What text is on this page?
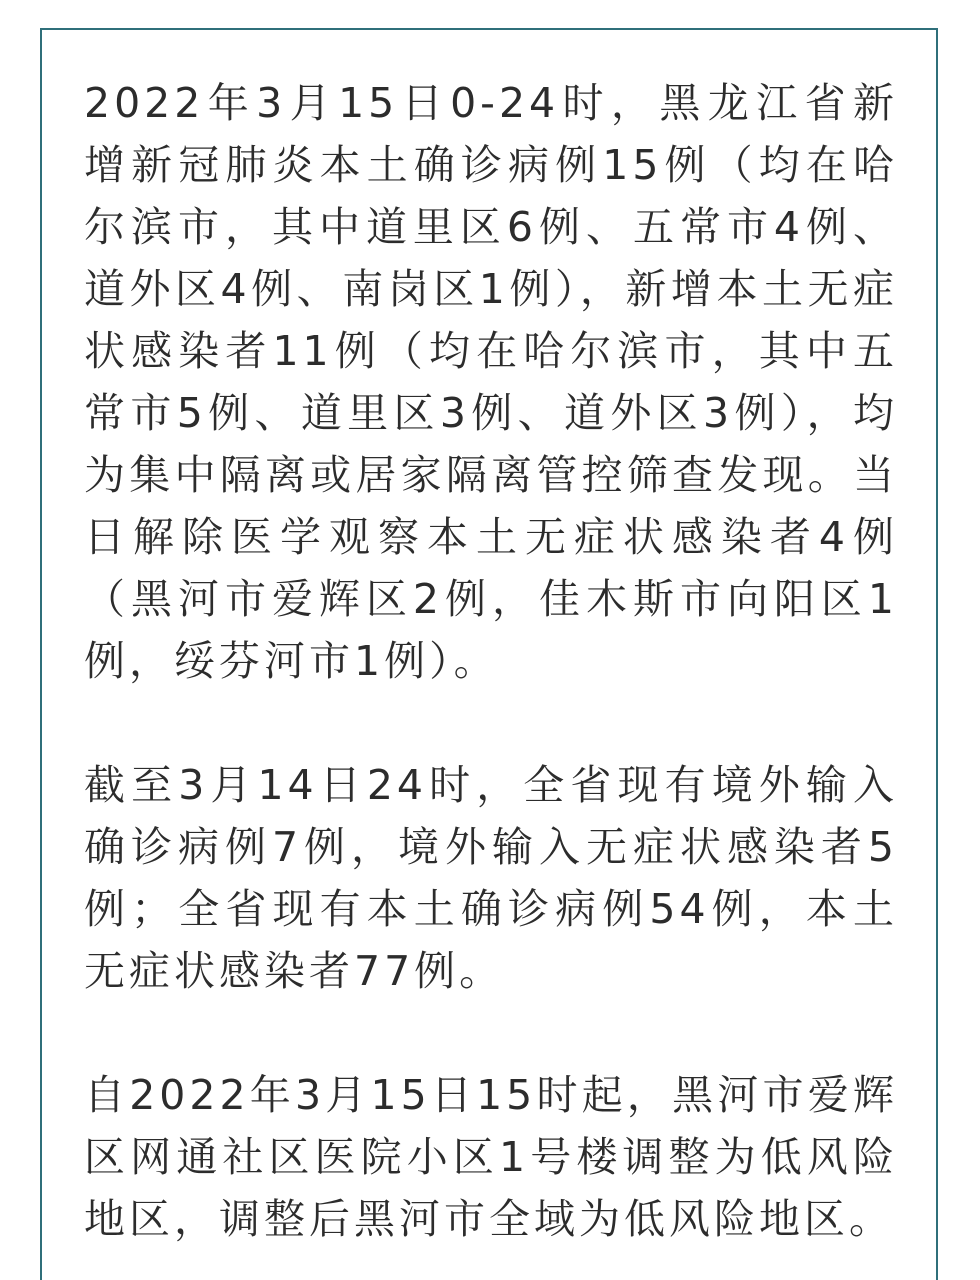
2022年3月15日0-24时，黑龙江省新增新冠肺炎本土确诊病例15例（均在哈尔滨市，其中道里区6例、五常市4例、道外区4例、南岗区1例），新增本土无症状感染者11例（均在哈尔滨市，其中五常市5例、道里区3例、道外区3例），均为集中隔离或居家隔离管控筛查发现。当日解除医学观察本土无症状感染者4例（黑河市爱辉区2例，佳木斯市向阳区1例，绥芬河市1例）。

截至3月14日24时，全省现有境外输入确诊病例7例，境外输入无症状感染者5例；全省现有本土确诊病例54例，本土无症状感染者77例。

自2022年3月15日15时起，黑河市爱辉区网通社区医院小区1号楼调整为低风险地区，调整后黑河市全域为低风险地区。
